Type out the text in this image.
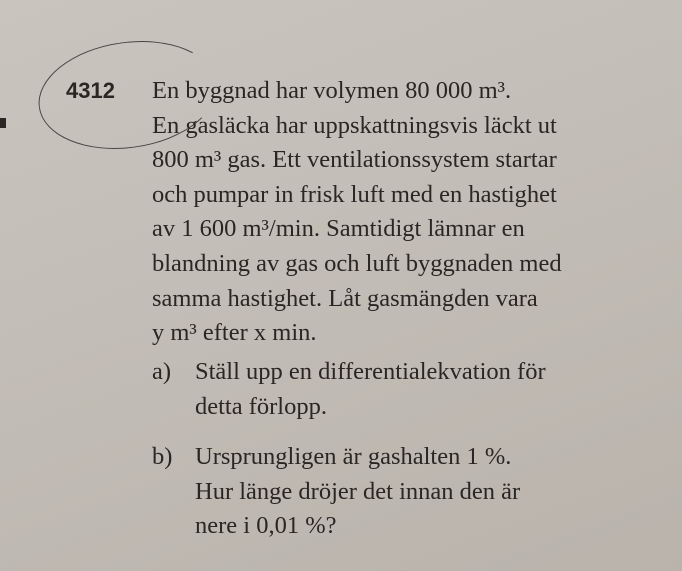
4312 En byggnad har volymen 80 000 m³.
En gasläcka har uppskattningsvis läckt ut
800 m³ gas. Ett ventilationssystem startar
och pumpar in frisk luft med en hastighet
av 1 600 m³/min. Samtidigt lämnar en
blandning av gas och luft byggnaden med
samma hastighet. Låt gasmängden vara
y m³ efter x min.
a) Ställ upp en differentialekvation för
detta förlopp.
b) Ursprungligen är gashalten 1 %.
Hur länge dröjer det innan den är
nere i 0,01 %?
